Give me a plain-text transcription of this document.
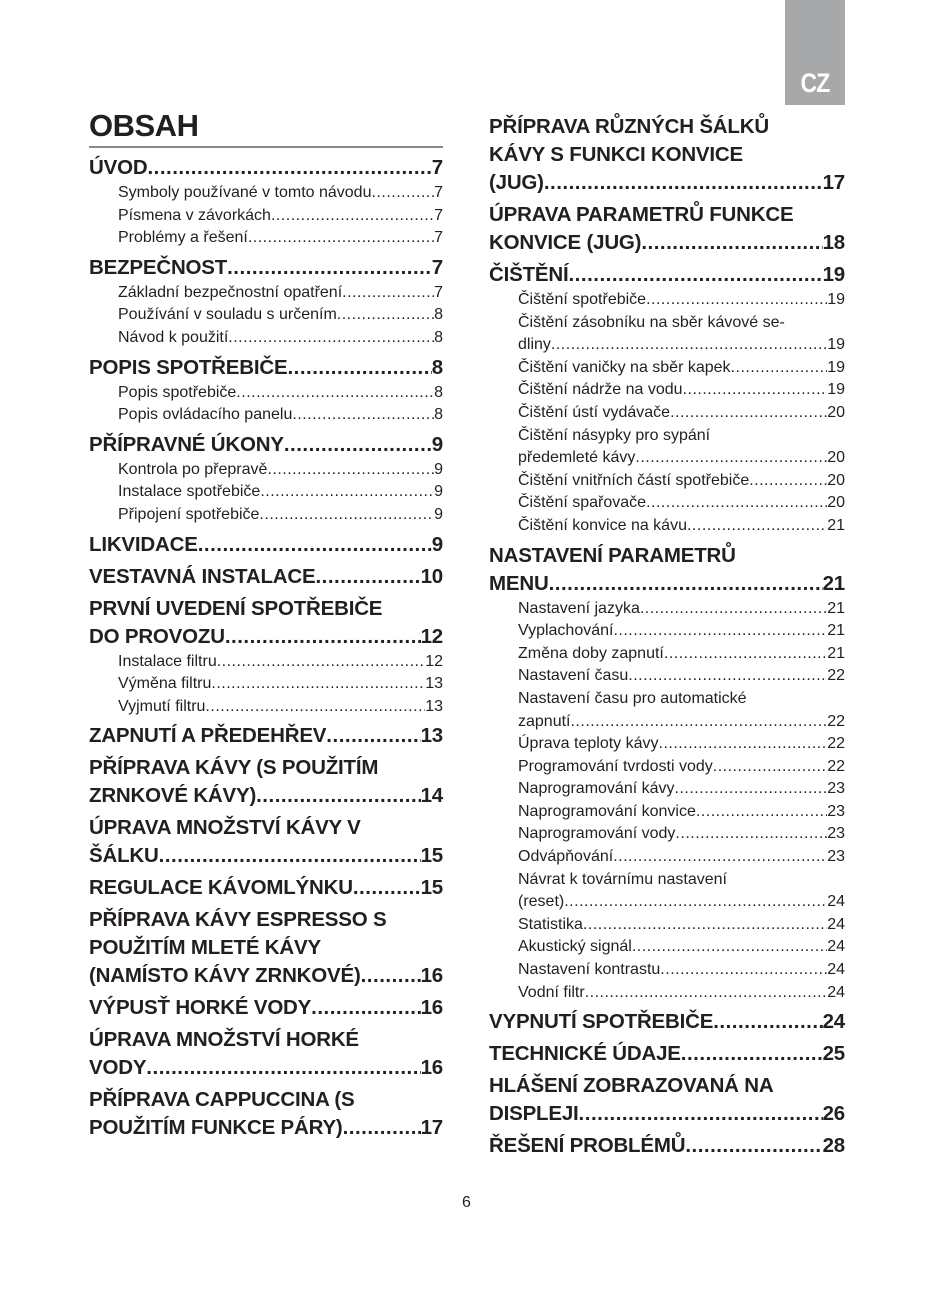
CZ
OBSAH
ÚVOD .....	7
Symboly používané v tomto návodu .....	7
Písmena v závorkách .....	7
Problémy a řešení .....	7
BEZPEČNOST .....	7
Základní bezpečnostní opatření .....	7
Používání v souladu s určením .....	8
Návod k použití .....	8
POPIS SPOTŘEBIČE .....	8
Popis spotřebiče .....	8
Popis ovládacího panelu .....	8
PŘÍPRAVNÉ ÚKONY .....	9
Kontrola po přepravě .....	9
Instalace spotřebiče .....	9
Připojení spotřebiče .....	9
LIKVIDACE .....	9
VESTAVNÁ INSTALACE .....	10
PRVNÍ UVEDENÍ SPOTŘEBIČE
DO PROVOZU .....	12
Instalace filtru .....	12
Výměna filtru .....	13
Vyjmutí filtru .....	13
ZAPNUTÍ A PŘEDEHŘEV .....	13
PŘÍPRAVA KÁVY (S POUŽITÍM
ZRNKOVÉ KÁVY) .....	14
ÚPRAVA MNOŽSTVÍ KÁVY V
ŠÁLKU .....	15
REGULACE KÁVOMLÝNKU .....	15
PŘÍPRAVA KÁVY ESPRESSO S
POUŽITÍM MLETÉ KÁVY
(NAMÍSTO KÁVY ZRNKOVÉ) .....	16
VÝPUSŤ HORKÉ VODY .....	16
ÚPRAVA MNOŽSTVÍ HORKÉ
VODY .....	16
PŘÍPRAVA CAPPUCCINA (S
POUŽITÍM FUNKCE PÁRY) .....	17
PŘÍPRAVA RŮZNÝCH ŠÁLKŮ
KÁVY S FUNKCI KONVICE
(JUG) .....	17
ÚPRAVA PARAMETRŮ FUNKCE
KONVICE (JUG) .....	18
ČIŠTĚNÍ .....	19
Čištění spotřebiče .....	19
Čištění zásobníku na sběr kávové se-
dliny .....	19
Čištění vaničky na sběr kapek .....	19
Čištění nádrže na vodu .....	19
Čištění ústí vydávače .....	20
Čištění násypky pro sypání
předemleté kávy .....	20
Čištění vnitřních částí spotřebiče .....	20
Čištění spařovače .....	20
Čištění konvice na kávu .....	21
NASTAVENÍ PARAMETRŮ
MENU .....	21
Nastavení jazyka .....	21
Vyplachování .....	21
Změna doby zapnutí .....	21
Nastavení času .....	22
Nastavení času pro automatické
zapnutí .....	22
Úprava teploty kávy .....	22
Programování tvrdosti vody .....	22
Naprogramování kávy .....	23
Naprogramování konvice .....	23
Naprogramování vody .....	23
Odvápňování .....	23
Návrat k továrnímu nastavení
(reset) .....	24
Statistika .....	24
Akustický signál .....	24
Nastavení kontrastu .....	24
Vodní filtr .....	24
VYPNUTÍ SPOTŘEBIČE .....	24
TECHNICKÉ ÚDAJE .....	25
HLÁŠENÍ ZOBRAZOVANÁ NA
DISPLEJI .....	26
ŘEŠENÍ PROBLÉMŮ .....	28
6
